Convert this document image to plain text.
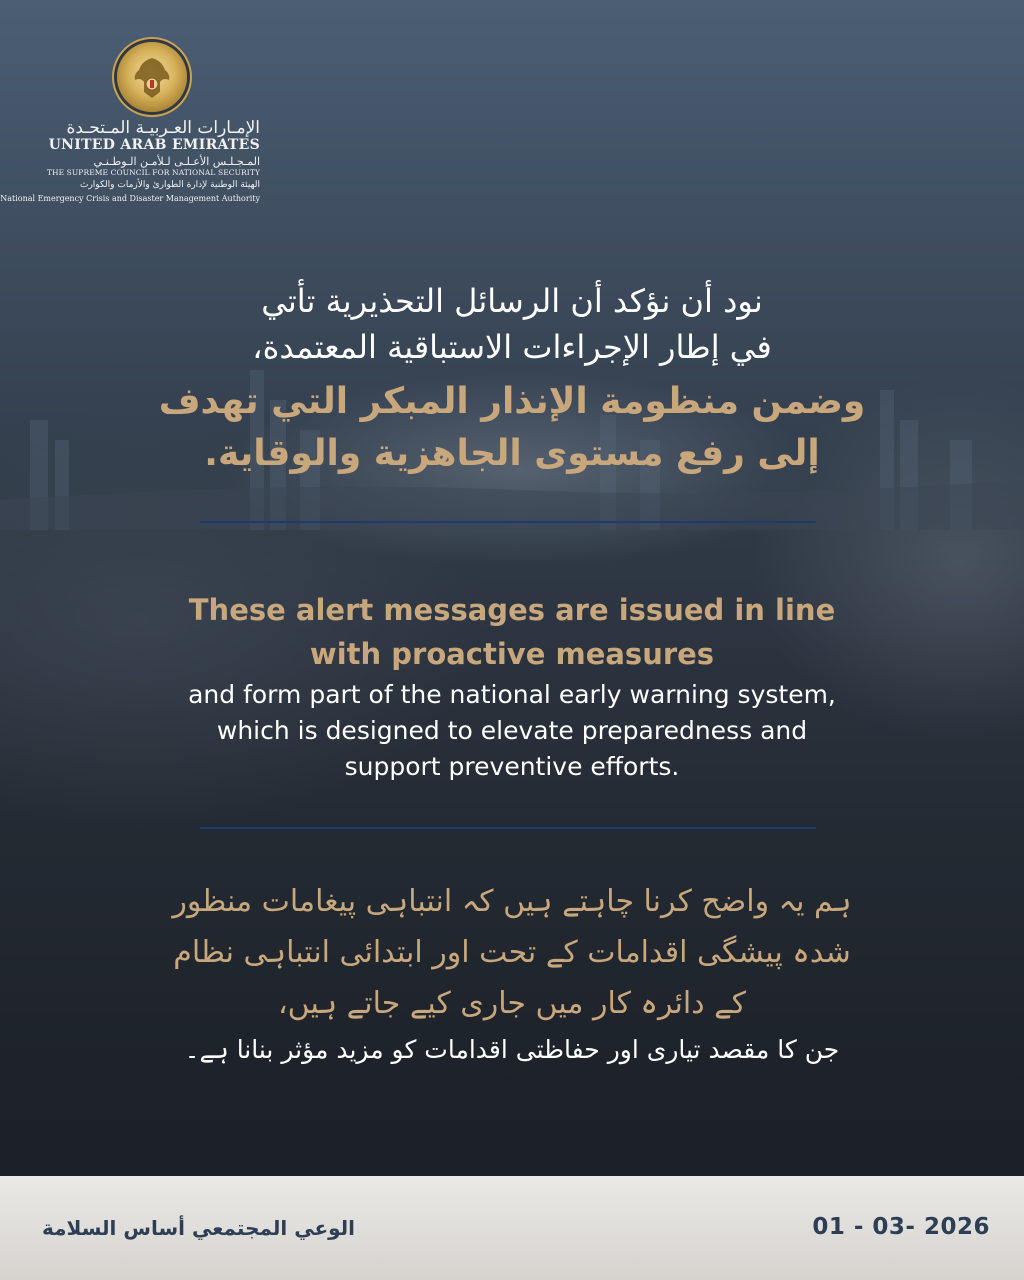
الإمـارات العـربيـة المـتحـدة
UNITED ARAB EMIRATES
المـجـلـس الأعـلـى لـلأمـن الـوطـنـي
THE SUPREME COUNCIL FOR NATIONAL SECURITY
الهيئة الوطنية لإدارة الطوارئ والأزمات والكوارث
National Emergency Crisis and Disaster Management Authority
نود أن نؤكد أن الرسائل التحذيرية تأتي
في إطار الإجراءات الاستباقية المعتمدة،
وضمن منظومة الإنذار المبكر التي تهدف
إلى رفع مستوى الجاهزية والوقاية.
These alert messages are issued in line
with proactive measures
and form part of the national early warning system,
which is designed to elevate preparedness and
support preventive efforts.
ہم یہ واضح کرنا چاہتے ہیں کہ انتباہی پیغامات منظور
شدہ پیشگی اقدامات کے تحت اور ابتدائی انتباہی نظام
کے دائرہ کار میں جاری کیے جاتے ہیں،
جن کا مقصد تیاری اور حفاظتی اقدامات کو مزید مؤثر بنانا ہے۔
الوعي المجتمعي أساس السلامة	01 - 03- 2026
